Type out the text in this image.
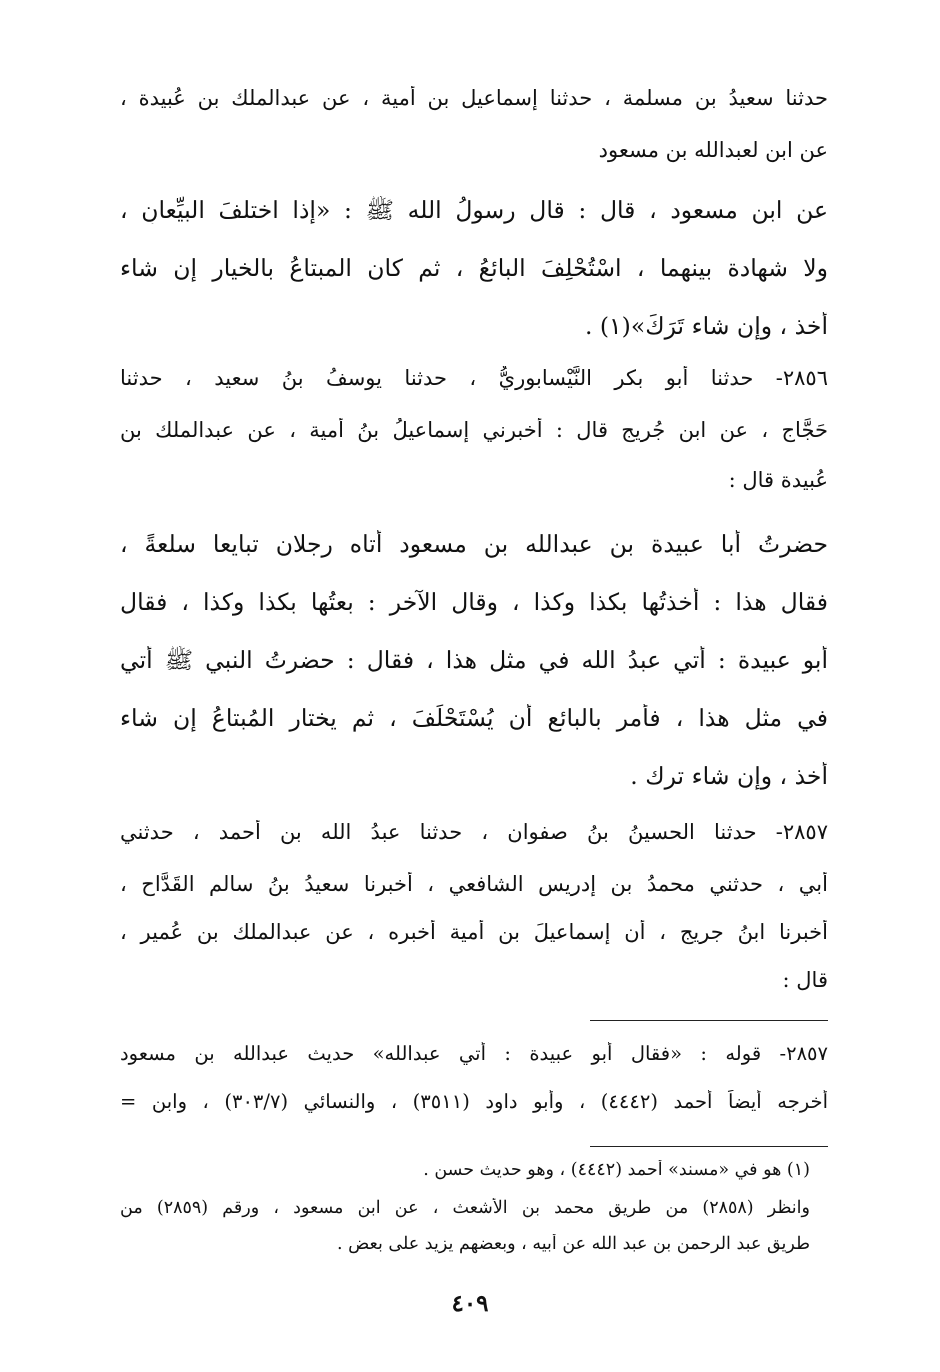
حدثنا سعيدُ بن مسلمة ، حدثنا إسماعيل بن أُمية ، عن عبدالملك بنِ عُبيدة ،

عن ابنٍ لعبدالله بن مسعود

عن ابنِ مسعود ، قال : قال رسولُ الله ﷺ : «إذا اختلفَ البيِّعانِ ،

ولا شهادة بينهما ، اسْتُحْلِفَ البائعُ ، ثم كان المبتاعُ بالخيار إن شاء

أخذ ، وإن شاء تَرَكَ»(١) .

٢٨٥٦- حدثنا أبو بكر النَّيْسابوريُّ ، حدثنا يوسفُ بنُ سعيد ، حدثنا

حَجَّاج ، عن ابن جُريج قال : أخبرني إسماعيلُ بنُ أمية ، عن عبدالملك بن

عُبيدة قال :

حضرتُ أبا عبيدة بن عبدالله بن مسعود أتاه رجلان تبايعا سلعةً ،

فقال هذا : أخذتُها بكذا وكذا ، وقال الآخر : بعتُها بكذا وكذا ، فقال

أبو عبيدة : أُتي عبدُ الله في مثل هذا ، فقال : حضرتُ النبي ﷺ أُتي

في مثل هذا ، فأمر بالبائع أن يُسْتَحْلَفَ ، ثم يختار المُبتاعُ إن شاء

أخذ ، وإن شاء ترك .

٢٨٥٧- حدثنا الحسينُ بنُ صفوان ، حدثنا عبدُ الله بن أحمد ، حدثني

أبي ، حدثني محمدُ بن إدريس الشافعي ، أخبرنا سعيدُ بنُ سالم القَدَّاح ،

أخبرنا ابنُ جريج ، أن إسماعيلَ بن أُمية أخبره ، عن عبدالملك بنِ عُمير ،

قال :

٢٨٥٧- قوله : «فقال أبو عبيدة : أُتي عبدالله» حديث عبدالله بن مسعود

أخرجه أيضاً أحمد (٤٤٤٢) ، وأبو داود (٣٥١١) ، والنسائي (٣٠٣/٧) ، وابن =

(١) هو في «مسند» أحمد (٤٤٤٢) ، وهو حديث حسن .

وانظر (٢٨٥٨) من طريق محمد بن الأشعث ، عن ابن مسعود ، ورقم (٢٨٥٩) من

طريق عبد الرحمن بن عبد الله عن أبيه ، وبعضهم يزيد على بعض .

٤٠٩
